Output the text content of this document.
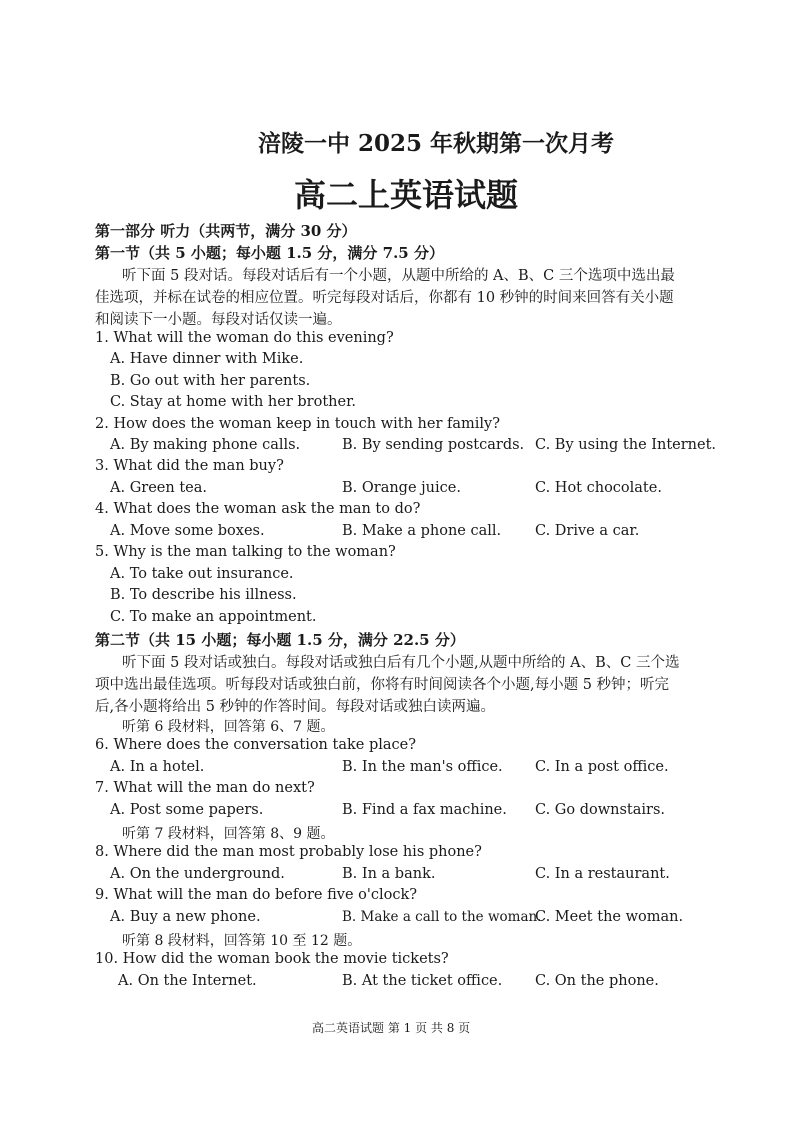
涪陵一中 2025 年秋期第一次月考
高二上英语试题
第一部分 听力（共两节，满分 30 分）
第一节（共 5 小题；每小题 1.5 分，满分 7.5 分）
听下面 5 段对话。每段对话后有一个小题，从题中所给的 A、B、C 三个选项中选出最
佳选项，并标在试卷的相应位置。听完每段对话后，你都有 10 秒钟的时间来回答有关小题
和阅读下一小题。每段对话仅读一遍。
1. What will the woman do this evening?
A. Have dinner with Mike.
B. Go out with her parents.
C. Stay at home with her brother.
2. How does the woman keep in touch with her family?
A. By making phone calls.	B. By sending postcards. C. By using the Internet.
3. What did the man buy?
A. Green tea.	B. Orange juice.	C. Hot chocolate.
4. What does the woman ask the man to do?
A. Move some boxes.	B. Make a phone call. C. Drive a car.
5. Why is the man talking to the woman?
A. To take out insurance.
B. To describe his illness.
C. To make an appointment.
第二节（共 15 小题；每小题 1.5 分，满分 22.5 分）
听下面 5 段对话或独白。每段对话或独白后有几个小题,从题中所给的 A、B、C 三个选
项中选出最佳选项。听每段对话或独白前，你将有时间阅读各个小题,每小题 5 秒钟；听完
后,各小题将给出 5 秒钟的作答时间。每段对话或独白读两遍。
听第 6 段材料，回答第 6、7 题。
6. Where does the conversation take place?
A. In a hotel.	B. In the man's office. C. In a post office.
7. What will the man do next?
A. Post some papers.	B. Find a fax machine. C. Go downstairs.
听第 7 段材料，回答第 8、9 题。
8. Where did the man most probably lose his phone?
A. On the underground.	B. In a bank.	C. In a restaurant.
9. What will the man do before five o'clock?
A. Buy a new phone.	B. Make a call to the woman.
C. Meet the woman.
听第 8 段材料，回答第 10 至 12 题。
10. How did the woman book the movie tickets?
A. On the Internet.	B. At the ticket office. C. On the phone.
高二英语试题 第 1 页 共 8 页
